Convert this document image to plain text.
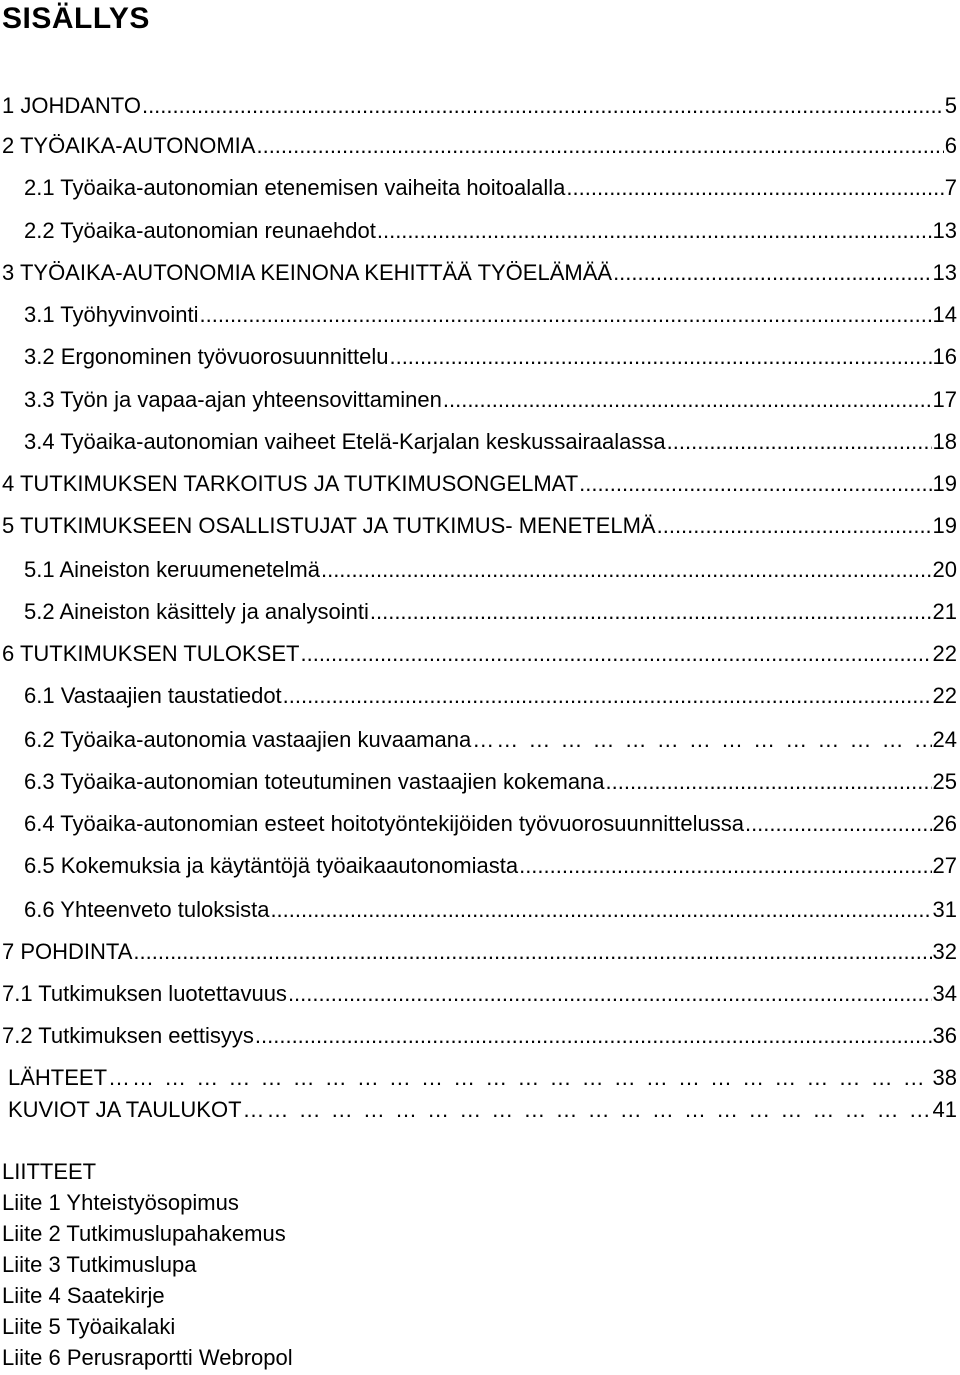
SISÄLLYS
1 JOHDANTO .....	5
2 TYÖAIKA-AUTONOMIA .....	6
2.1 Työaika-autonomian etenemisen vaiheita hoitoalalla .....	7
2.2 Työaika-autonomian reunaehdot .....	13
3 TYÖAIKA-AUTONOMIA KEINONA KEHITTÄÄ TYÖELÄMÄÄ .....	13
3.1 Työhyvinvointi .....	14
3.2 Ergonominen työvuorosuunnittelu .....	16
3.3 Työn ja vapaa-ajan yhteensovittaminen .....	17
3.4 Työaika-autonomian vaiheet Etelä-Karjalan keskussairaalassa .....	18
4 TUTKIMUKSEN TARKOITUS JA TUTKIMUSONGELMAT .....	19
5 TUTKIMUKSEEN OSALLISTUJAT JA TUTKIMUS- MENETELMÄ .....	19
5.1 Aineiston keruumenetelmä .....	20
5.2 Aineiston käsittely ja analysointi .....	21
6 TUTKIMUKSEN TULOKSET .....	22
6.1 Vastaajien taustatiedot .....	22
6.2 Työaika-autonomia vastaajien kuvaamana …… … … … … … … … … … … … … … … … … … … … … … … … … … … … … … … … … … … … … … … … … … … … … … … … … … …	24
6.3 Työaika-autonomian toteutuminen vastaajien kokemana .....	25
6.4 Työaika-autonomian esteet hoitotyöntekijöiden työvuorosuunnittelussa .....	26
6.5 Kokemuksia ja käytäntöjä työaikaautonomiasta .....	27
6.6 Yhteenveto tuloksista .....	31
7 POHDINTA .....	32
7.1 Tutkimuksen luotettavuus .....	34
7.2 Tutkimuksen eettisyys .....	36
LÄHTEET …… … … … … … … … … … … … … … … … … … … … … … … … … … … … … … … … … … … … … … … … … … … … … … … … … … …	38
KUVIOT JA TAULUKOT …… … … … … … … … … … … … … … … … … … … … … … … … … … … … … … … … … … … … … … … … … … … … … … … … … … …	41
LIITTEET
Liite 1 Yhteistyösopimus
Liite 2 Tutkimuslupahakemus
Liite 3 Tutkimuslupa
Liite 4 Saatekirje
Liite 5 Työaikalaki
Liite 6 Perusraportti Webropol
